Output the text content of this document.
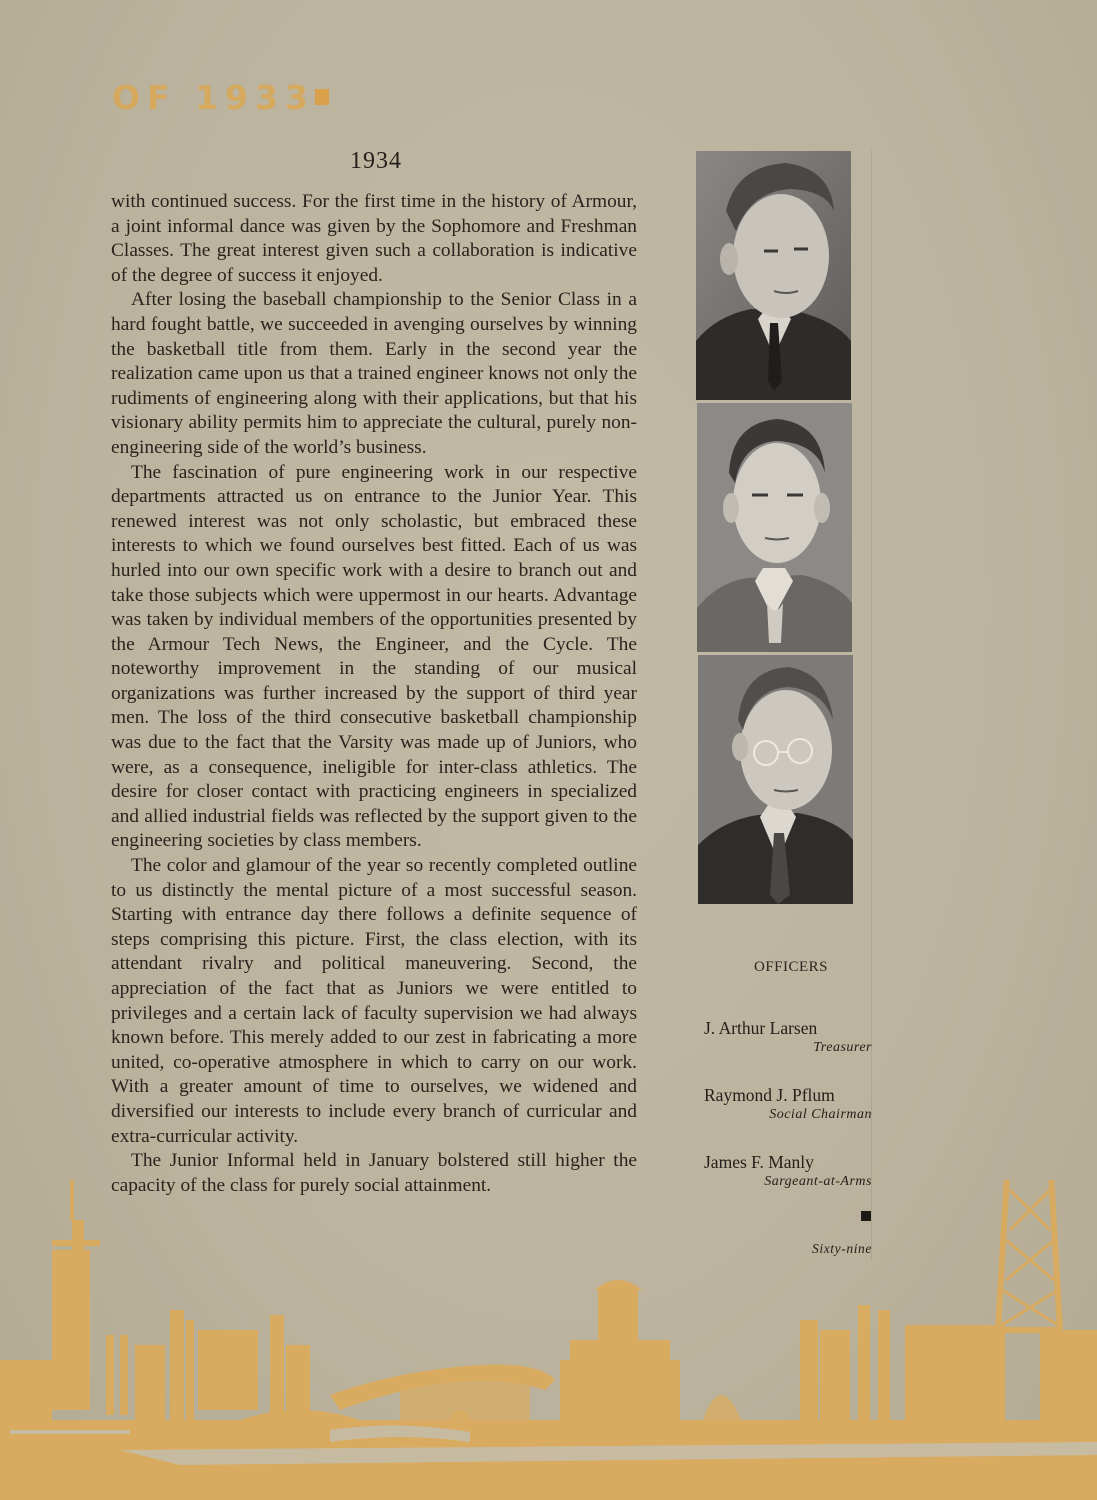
OF 1933
1934

with continued success. For the first time in the history of Armour, a joint informal dance was given by the Sophomore and Freshman Classes. The great interest given such a collaboration is indicative of the degree of success it enjoyed.

After losing the baseball championship to the Senior Class in a hard fought battle, we succeeded in avenging ourselves by winning the basketball title from them. Early in the second year the realization came upon us that a trained engineer knows not only the rudiments of engineering along with their applications, but that his visionary ability permits him to appreciate the cultural, purely non-engineering side of the world’s business.

The fascination of pure engineering work in our respective departments attracted us on entrance to the Junior Year. This renewed interest was not only scholastic, but embraced these interests to which we found ourselves best fitted. Each of us was hurled into our own specific work with a desire to branch out and take those subjects which were uppermost in our hearts. Advantage was taken by individual members of the opportunities presented by the Armour Tech News, the Engineer, and the Cycle. The noteworthy improvement in the standing of our musical organizations was further increased by the support of third year men. The loss of the third consecutive basketball championship was due to the fact that the Varsity was made up of Juniors, who were, as a consequence, ineligible for inter-class athletics. The desire for closer contact with practicing engineers in specialized and allied industrial fields was reflected by the support given to the engineering societies by class members.

The color and glamour of the year so recently completed outline to us distinctly the mental picture of a most successful season. Starting with entrance day there follows a definite sequence of steps comprising this picture. First, the class election, with its attendant rivalry and political maneuvering. Second, the appreciation of the fact that as Juniors we were entitled to privileges and a certain lack of faculty supervision we had always known before. This merely added to our zest in fabricating a more united, co-operative atmosphere in which to carry on our work. With a greater amount of time to ourselves, we widened and diversified our interests to include every branch of curricular and extra-curricular activity.

The Junior Informal held in January bolstered still higher the capacity of the class for purely social attainment.

OFFICERS
J. Arthur Larsen
Treasurer
Raymond J. Pflum
Social Chairman
James F. Manly
Sargeant-at-Arms
Sixty-nine
